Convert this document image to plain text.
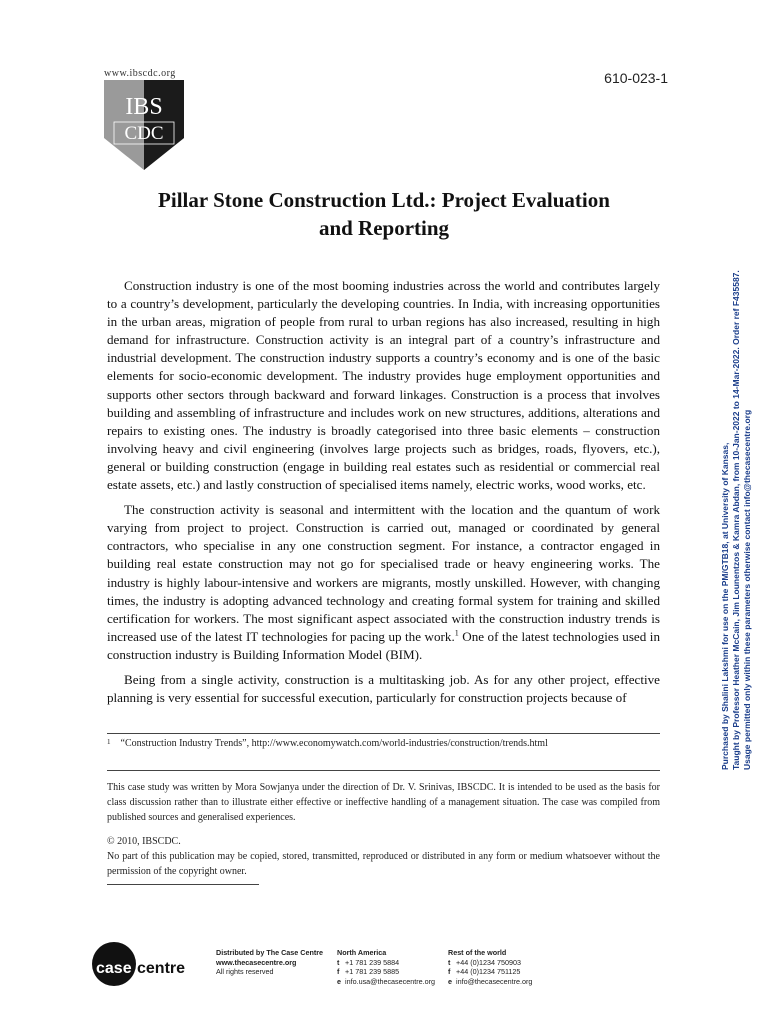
www.ibscdc.org
IBS
CDC
610-023-1
Pillar Stone Construction Ltd.: Project Evaluation
and Reporting

Construction industry is one of the most booming industries across the world and contributes largely to a country’s development, particularly the developing countries. In India, with increasing opportunities in the urban areas, migration of people from rural to urban regions has also increased, resulting in high demand for infrastructure. Construction activity is an integral part of a country’s infrastructure and industrial development. The construction industry supports a country’s economy and is one of the basic elements for socio-economic development. The industry provides huge employment opportunities and supports other sectors through backward and forward linkages. Construction is a process that involves building and assembling of infrastructure and includes work on new structures, additions, alterations and repairs to existing ones. The industry is broadly categorised into three basic elements – construction involving heavy and civil engineering (involves large projects such as bridges, roads, flyovers, etc.), general or building construction (engage in building real estates such as residential or commercial real estate assets, etc.) and lastly construction of specialised items namely, electric works, wood works, etc.

The construction activity is seasonal and intermittent with the location and the quantum of work varying from project to project. Construction is carried out, managed or coordinated by general contractors, who specialise in any one construction segment. For instance, a contractor engaged in building real estate construction may not go for specialised trade or heavy engineering works. The industry is highly labour-intensive and workers are migrants, mostly unskilled. However, with changing times, the industry is adopting advanced technology and creating formal system for training and skilled certification for workers. The most significant aspect associated with the construction industry trends is increased use of the latest IT technologies for pacing up the work.$^1$ One of the latest technologies used in construction industry is Building Information Model (BIM).

Being from a single activity, construction is a multitasking job. As for any other project, effective planning is very essential for successful execution, particularly for construction projects because of

$^1$ “Construction Industry Trends”, http://www.economywatch.com/world-industries/construction/trends.html
This case study was written by Mora Sowjanya under the direction of Dr. V. Srinivas, IBSCDC. It is intended to be used as the basis for class discussion rather than to illustrate either effective or ineffective handling of a management situation. The case was compiled from published sources and generalised experiences.
© 2010, IBSCDC.
No part of this publication may be copied, stored, transmitted, reproduced or distributed in any form or medium whatsoever without the permission of the copyright owner.
Purchased by Shalini Lakshmi for use on the PM/GTB18, at University of Kansas, Taught by Professor Heather McCain, Jim Lounentzos & Kamra Abdan, from 10-Jan-2022 to 14-Mar-2022. Order ref F435587. Usage permitted only within these parameters otherwise contact info@thecasecentre.org
case centre
Distributed by The Case Centre
www.thecasecentre.org
All rights reserved
North America
t +1 781 239 5884
f +1 781 239 5885
e info.usa@thecasecentre.org
Rest of the world
t +44 (0)1234 750903
f +44 (0)1234 751125
e info@thecasecentre.org
